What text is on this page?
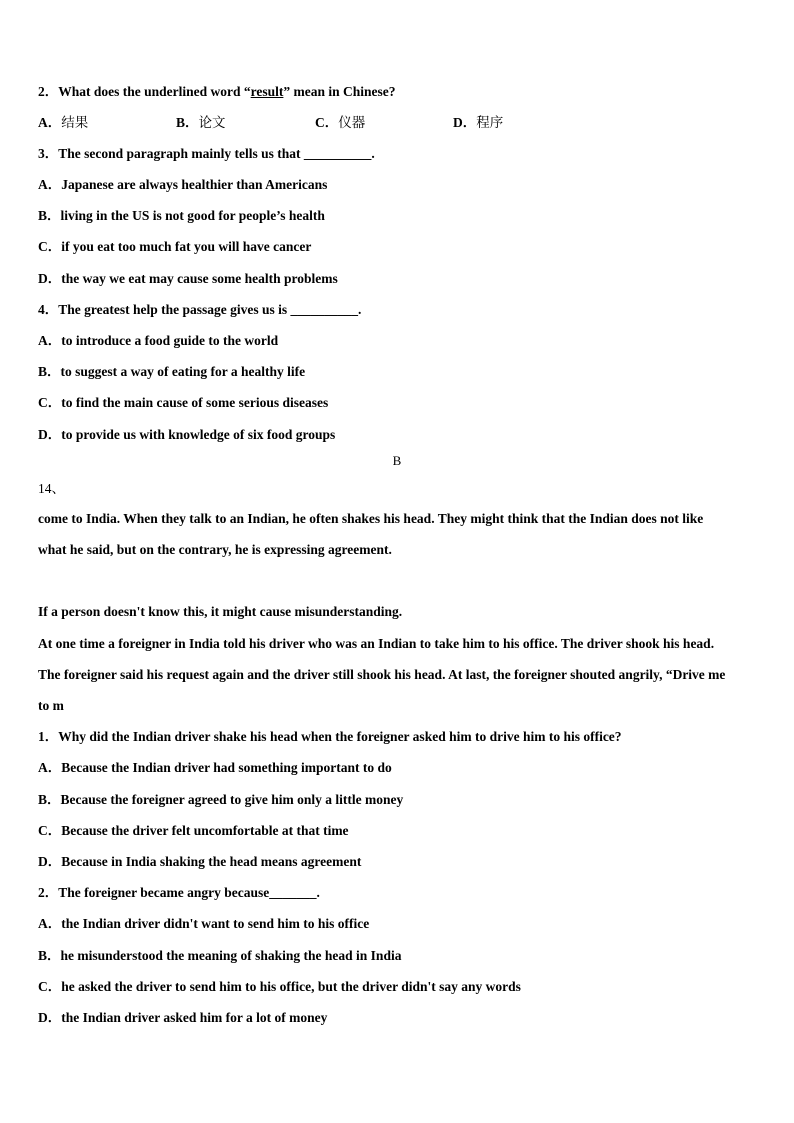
2．What does the underlined word “result” mean in Chinese?
A．结果	B．论文	C．仪器	D．程序
3．The second paragraph mainly tells us that __________.
A．Japanese are always healthier than Americans
B．living in the US is not good for people’s health
C．if you eat too much fat you will have cancer
D．the way we eat may cause some health problems
4．The greatest help the passage gives us is __________.
A．to introduce a food guide to the world
B．to suggest a way of eating for a healthy life
C．to find the main cause of some serious diseases
D．to provide us with knowledge of six food groups
B
14、
come to India. When they talk to an Indian, he often shakes his head. They might think that the Indian does not like
what he said, but on the contrary, he is expressing agreement.
If a person doesn't know this, it might cause misunderstanding.
At one time a foreigner in India told his driver who was an Indian to take him to his office. The driver shook his head.
The foreigner said his request again and the driver still shook his head. At last, the foreigner shouted angrily, “Drive me
to m
1．Why did the Indian driver shake his head when the foreigner asked him to drive him to his office?
A．Because the Indian driver had something important to do
B．Because the foreigner agreed to give him only a little money
C．Because the driver felt uncomfortable at that time
D．Because in India shaking the head means agreement
2．The foreigner became angry because_______.
A．the Indian driver didn't want to send him to his office
B．he misunderstood the meaning of shaking the head in India
C．he asked the driver to send him to his office, but the driver didn't say any words
D．the Indian driver asked him for a lot of money
